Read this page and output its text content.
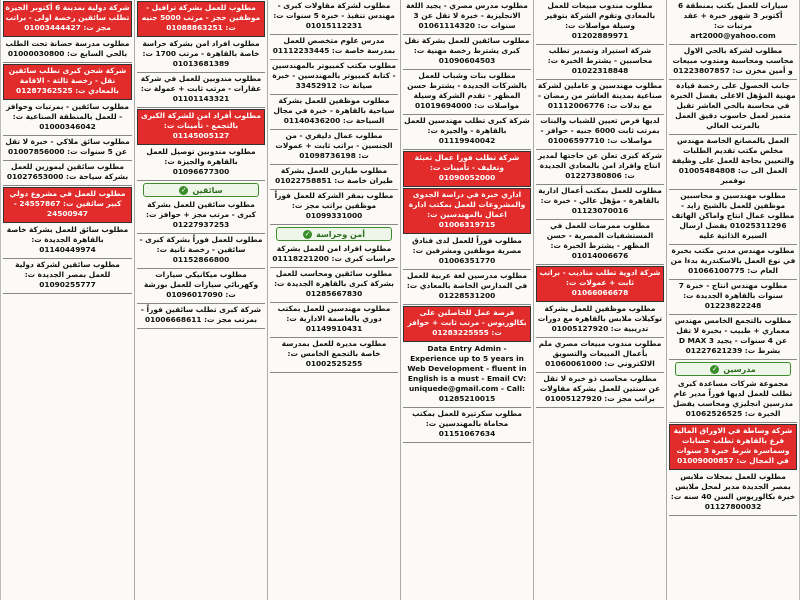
سيارات للعمل بكتب بمنطقة 6 أكتوبر 3 شهور خبرة + عقد مرتبات ت: art2000@yahoo.com
مطلوب لشركة بالحي الاول محاسب ومحاسبة ومندوب مبيعات و أمين مخزن ت: 01223807857
جانب الحصول على رخصة قيادة مهنية المؤهل الاعلى يفضل الخبرة في محاسبة بالحي العاشر تقبل متميز لعمل حاسوب دقيق العمل بالمرتب العالي
العمل بالمصانع الخاصة مهندس مخلص مكتب تقديم الطلبات والتعيين بحاجة للعمل على وظيفة العمل الى ت: 01005484808 نوفمبر
مطلوب مهندسين و محاسبين موظفين للعمل بالشيخ زايد - مطلوب عمال انتاج واماكن الهاتف 01025311296 يفضل ارسال السيرة الذاتية عليه
مطلوب مهندس مدني مكتب بخبرة في نوع العمل بالاسكندرية بدءا من العام ت: 01066100775
مطلوب مهندس انتاج - خبرة 7 سنوات بالقاهرة الجديدة ت: 01223822248
مطلوب بالتجمع الخامس مهندس معماري + طبيب - بخبرة لا تقل عن 4 سنوات - يجيد 3 D MAX بشرط ت: 01227621239
مدرسين
✓
مجموعة شركات مساعدة كبرى تطلب للعمل لديها فوراً مدير عام مدرسين انجليزي ومحاسب يفضل الخبرة ت: 01062526525
شركة وساطة في الاوراق المالية فرع بالقاهرة تطلب حسابات وسماسرة شرط خبرة 3 سنوات في المجال ت: 01009000857
مطلوب للعمل بمحلات ملابس بمصر الجديدة مدير لمحل ملابس خبرة بكالوريوس السن 40 سنه ت: 01127800032
مطلوب مندوب مبيعات للعمل بالمعادي وتقوم الشركة بتوفير وسيلة مواصلات ت: 01202889971
شركة استيراد وتصدير تطلب محاسبين - يشترط الخبرة ت: 01022318848
مطلوب مهندسين و عاملين لشركة صناعية بمدينة العاشر من رمضان - مع بدلات ت: 01112006776
لديها فرص تعيين للشباب والبنات بمرتب ثابت 6000 جنيه - حوافز - مواصلات ت: 01006597710
شركة كبرى تعلن عن حاجتها لمدير انتاج وافراد امن بالمعادي الجديدة ت: 01227380806
مطلوب للعمل بمكتب أعمال ادارية بالقاهرة - مؤهل عالي - خبرة ت: 01123070016
مطلوب ممرضات للعمل في المستشفيات المصرية - حسن المظهر - يشترط الخبرة ت: 01014006676
شركة ادوية تطلب مناديب - براتب ثابت + عمولات ت: 01066066678
مطلوب موظفين للعمل بشركة توكيلات ملابس بالقاهرة مع دورات تدريبية ت: 01005127920
مطلوب مندوب مبيعات مصري ملم بأعمال المبيعات والتسويق الالكتروني ت: 01060061000
مطلوب محاسب ذو خبرة لا تقل عن سنتين للعمل بشركة مقاولات براتب مجز ت: 01005127920
مطلوب مدرس مصري - يجيد اللغة الانجليزية - خبرة لا تقل عن 3 سنوات ت: 01061114320
مطلوب سائقين للعمل بشركة نقل كبرى يشترط رخصة مهنية ت: 01090604503
مطلوب بنات وشباب للعمل بالشركات الجديدة - يشترط حسن المظهر - تقدم الشركة وسيلة مواصلات ت: 01019694000
شركة كبرى تطلب مهندسين للعمل بالقاهرة - والجيزة ت: 01119940042
شركة تطلب فورا عمال تعبئة وتغليف - تأمينات ت: 01090052000
اداري خبرة في دراسة الجدوى والمشروعات للعمل بمكتب ادارة اعمال بالمهندسين ت: 01006319715
مطلوب فوراً للعمل لدى فنادق مصرية موظفين ومشرفين ت: 01006351770
مطلوب مدرسين لغة عربية للعمل في المدارس الخاصة بالمعادي ت: 01228531200
فرصة عمل للحاصلين على بكالوريوس - مرتب ثابت + حوافز ت: 01283225555
Data Entry Admin - Experience up to 5 years in Web Development - fluent in English is a must - Email CV: uniquede@gmail.com - Call: 01285210015
مطلوب سكرتيرة للعمل بمكتب محاماة بالمهندسين ت: 01151067634
مطلوب لشركة مقاولات كبرى - مهندس تنفيذ - خبرة 5 سنوات ت: 01015112231
مدرس علوم متخصص للعمل بمدرسة خاصة ت: 01112233445
مطلوب مكتب كمبيوتر بالمهندسين - كتابة كمبيوتر بالمهندسين - خبرة صيانة ت: 33452912
مطلوب موظفين للعمل بشركة سياحية بالقاهرة - خبرة في مجال السياحة ت: 01140436200
مطلوب عمال دليفري - من الجنسين - براتب ثابت + عمولات ت: 01098736198
مطلوب طيارين للعمل بشركة طيران خاصة ت: 01022758851
مطلوب بمقر الشركة للعمل فوراً موظفين براتب مجز ت: 01099331000
أمن وحراسة
✓
مطلوب افراد امن للعمل بشركة حراسات كبرى ت: 01118221200
مطلوب سائقين ومحاسب للعمل بشركة كبرى بالقاهرة الجديدة ت: 01285667830
مطلوب مهندسين للعمل بمكتب دوري بالعاصمة الادارية ت: 01149910431
مطلوب مديرة للعمل بمدرسة خاصة بالتجمع الخامس ت: 01002525255
مطلوب للعمل بشركة ترافيل - موظفين حجز - مرتب 5000 جنيه ت: 01088863251
مطلوب افراد امن بشركة حراسة خاصة بالقاهرة - مرتب 1700 ت: 01013681389
مطلوب مندوبين للعمل في شركة عقارات - مرتب ثابت + عمولة ت: 01101143321
مطلوب أفراد امن للشركة الكبرى بالتجمع - تأمينات ت: 01145005127
مطلوب مندوبين توصيل للعمل بالقاهرة والجيزة ت: 01096677300
سائقين
✓
مطلوب سائقين للعمل بشركة كبرى - مرتب مجز + حوافز ت: 01227937253
مطلوب للعمل فوراً بشركة كبرى - سائقين - رخصة ثانية ت: 01152866800
مطلوب ميكانيكي سيارات وكهربائي سيارات للعمل بورشة ت: 01096017090
شركة كبرى تطلب سائقين فوراً - بمرتب مجز ت: 01006668611
شركة دولية بمدينة 6 أكتوبر الجيزة تطلب سائقين رخصة اولى - براتب مجز ت: 01003444427
مطلوب مدرسة حضانة تحت الطلب بالحي السابع ت: 01000030800
شركة شحن كبرى تطلب سائقين نقل - رخصة ثالثة - الاقامة بالمعادي ت: 01287362525
مطلوب سائقين - بمرتبات وحوافز - للعمل بالمنطقة الصناعية ت: 01000346042
مطلوب سائق ملاكي - خبرة لا تقل عن 5 سنوات ت: 01007856000
مطلوب سائقين ليموزين للعمل بشركة سياحة ت: 01027653000
مطلوب للعمل في مشروع دولي كبير سائقين ت: 24557867 - 24500947
مطلوب سائق للعمل بشركة خاصة بالقاهرة الجديدة ت: 01140449974
مطلوب سائقين لشركة دولية للعمل بمصر الجديدة ت: 01090255777
